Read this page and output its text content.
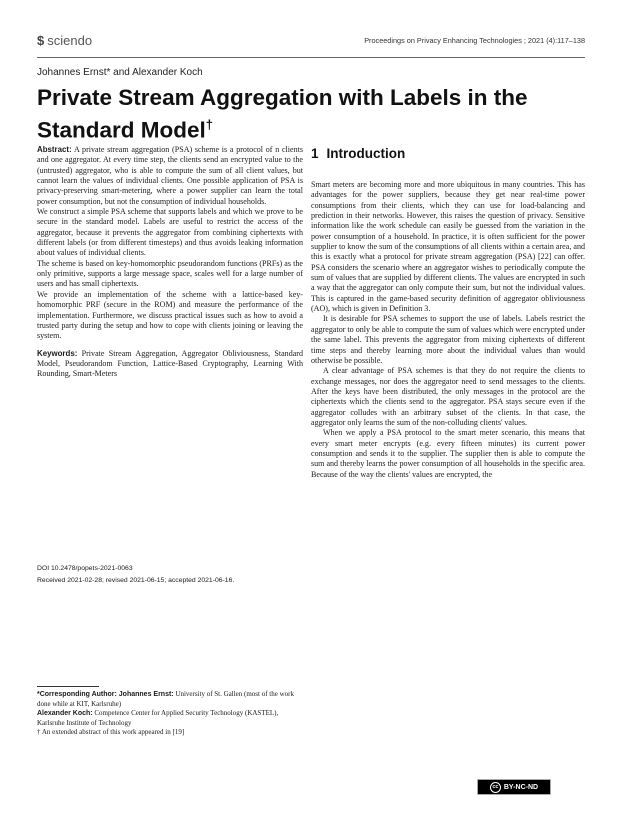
$ sciendo	Proceedings on Privacy Enhancing Technologies ; 2021 (4):117–138
Johannes Ernst* and Alexander Koch
Private Stream Aggregation with Labels in the Standard Model†

Abstract: A private stream aggregation (PSA) scheme is a protocol of n clients and one aggregator. At every time step, the clients send an encrypted value to the (untrusted) aggregator, who is able to compute the sum of all client values, but cannot learn the values of individual clients. One possible application of PSA is privacy-preserving smart-metering, where a power supplier can learn the total power consumption, but not the consumption of individual households.

We construct a simple PSA scheme that supports labels and which we prove to be secure in the standard model. Labels are useful to restrict the access of the aggregator, because it prevents the aggregator from combining ciphertexts with different labels (or from different timesteps) and thus avoids leaking information about values of individual clients.

The scheme is based on key-homomorphic pseudorandom functions (PRFs) as the only primitive, supports a large message space, scales well for a large number of users and has small ciphertexts.

We provide an implementation of the scheme with a lattice-based key-homomorphic PRF (secure in the ROM) and measure the performance of the implementation. Furthermore, we discuss practical issues such as how to avoid a trusted party during the setup and how to cope with clients joining or leaving the system.

Keywords: Private Stream Aggregation, Aggregator Obliviousness, Standard Model, Pseudorandom Function, Lattice-Based Cryptography, Learning With Rounding, Smart-Meters

DOI 10.2478/popets-2021-0063
Received 2021-02-28; revised 2021-06-15; accepted 2021-06-16.

*Corresponding Author: Johannes Ernst: University of St. Gallen (most of the work done while at KIT, Karlsruhe)

Alexander Koch: Competence Center for Applied Security Technology (KASTEL), Karlsruhe Institute of Technology

† An extended abstract of this work appeared in [19]

1 Introduction

Smart meters are becoming more and more ubiquitous in many countries. This has advantages for the power suppliers, because they get near real-time power consumptions from their clients, which they can use for load-balancing and prediction in their networks. However, this raises the question of privacy. Sensitive information like the work schedule can easily be guessed from the variation in the power consumption of a household. In practice, it is often sufficient for the power supplier to know the sum of the consumptions of all clients within a certain area, and this is exactly what a protocol for private stream aggregation (PSA) [22] can offer. PSA considers the scenario where an aggregator wishes to periodically compute the sum of values that are supplied by different clients. The values are encrypted in such a way that the aggregator can only compute their sum, but not the individual values. This is captured in the game-based security definition of aggregator obliviousness (AO), which is given in Definition 3.

It is desirable for PSA schemes to support the use of labels. Labels restrict the aggregator to only be able to compute the sum of values which were encrypted under the same label. This prevents the aggregator from mixing ciphertexts of different time steps and thereby learning more about the individual values than would otherwise be possible.

A clear advantage of PSA schemes is that they do not require the clients to exchange messages, nor does the aggregator need to send messages to the clients. After the keys have been distributed, the only messages in the protocol are the ciphertexts which the clients send to the aggregator. PSA stays secure even if the aggregator colludes with an arbitrary subset of the clients. In that case, the aggregator only learns the sum of the non-colluding clients' values.

When we apply a PSA protocol to the smart meter scenario, this means that every smart meter encrypts (e.g. every fifteen minutes) its current power consumption and sends it to the supplier. The supplier then is able to compute the sum and thereby learns the power consumption of all households in the specific area. Because of the way the clients' values are encrypted, the

cc BY-NC-ND
